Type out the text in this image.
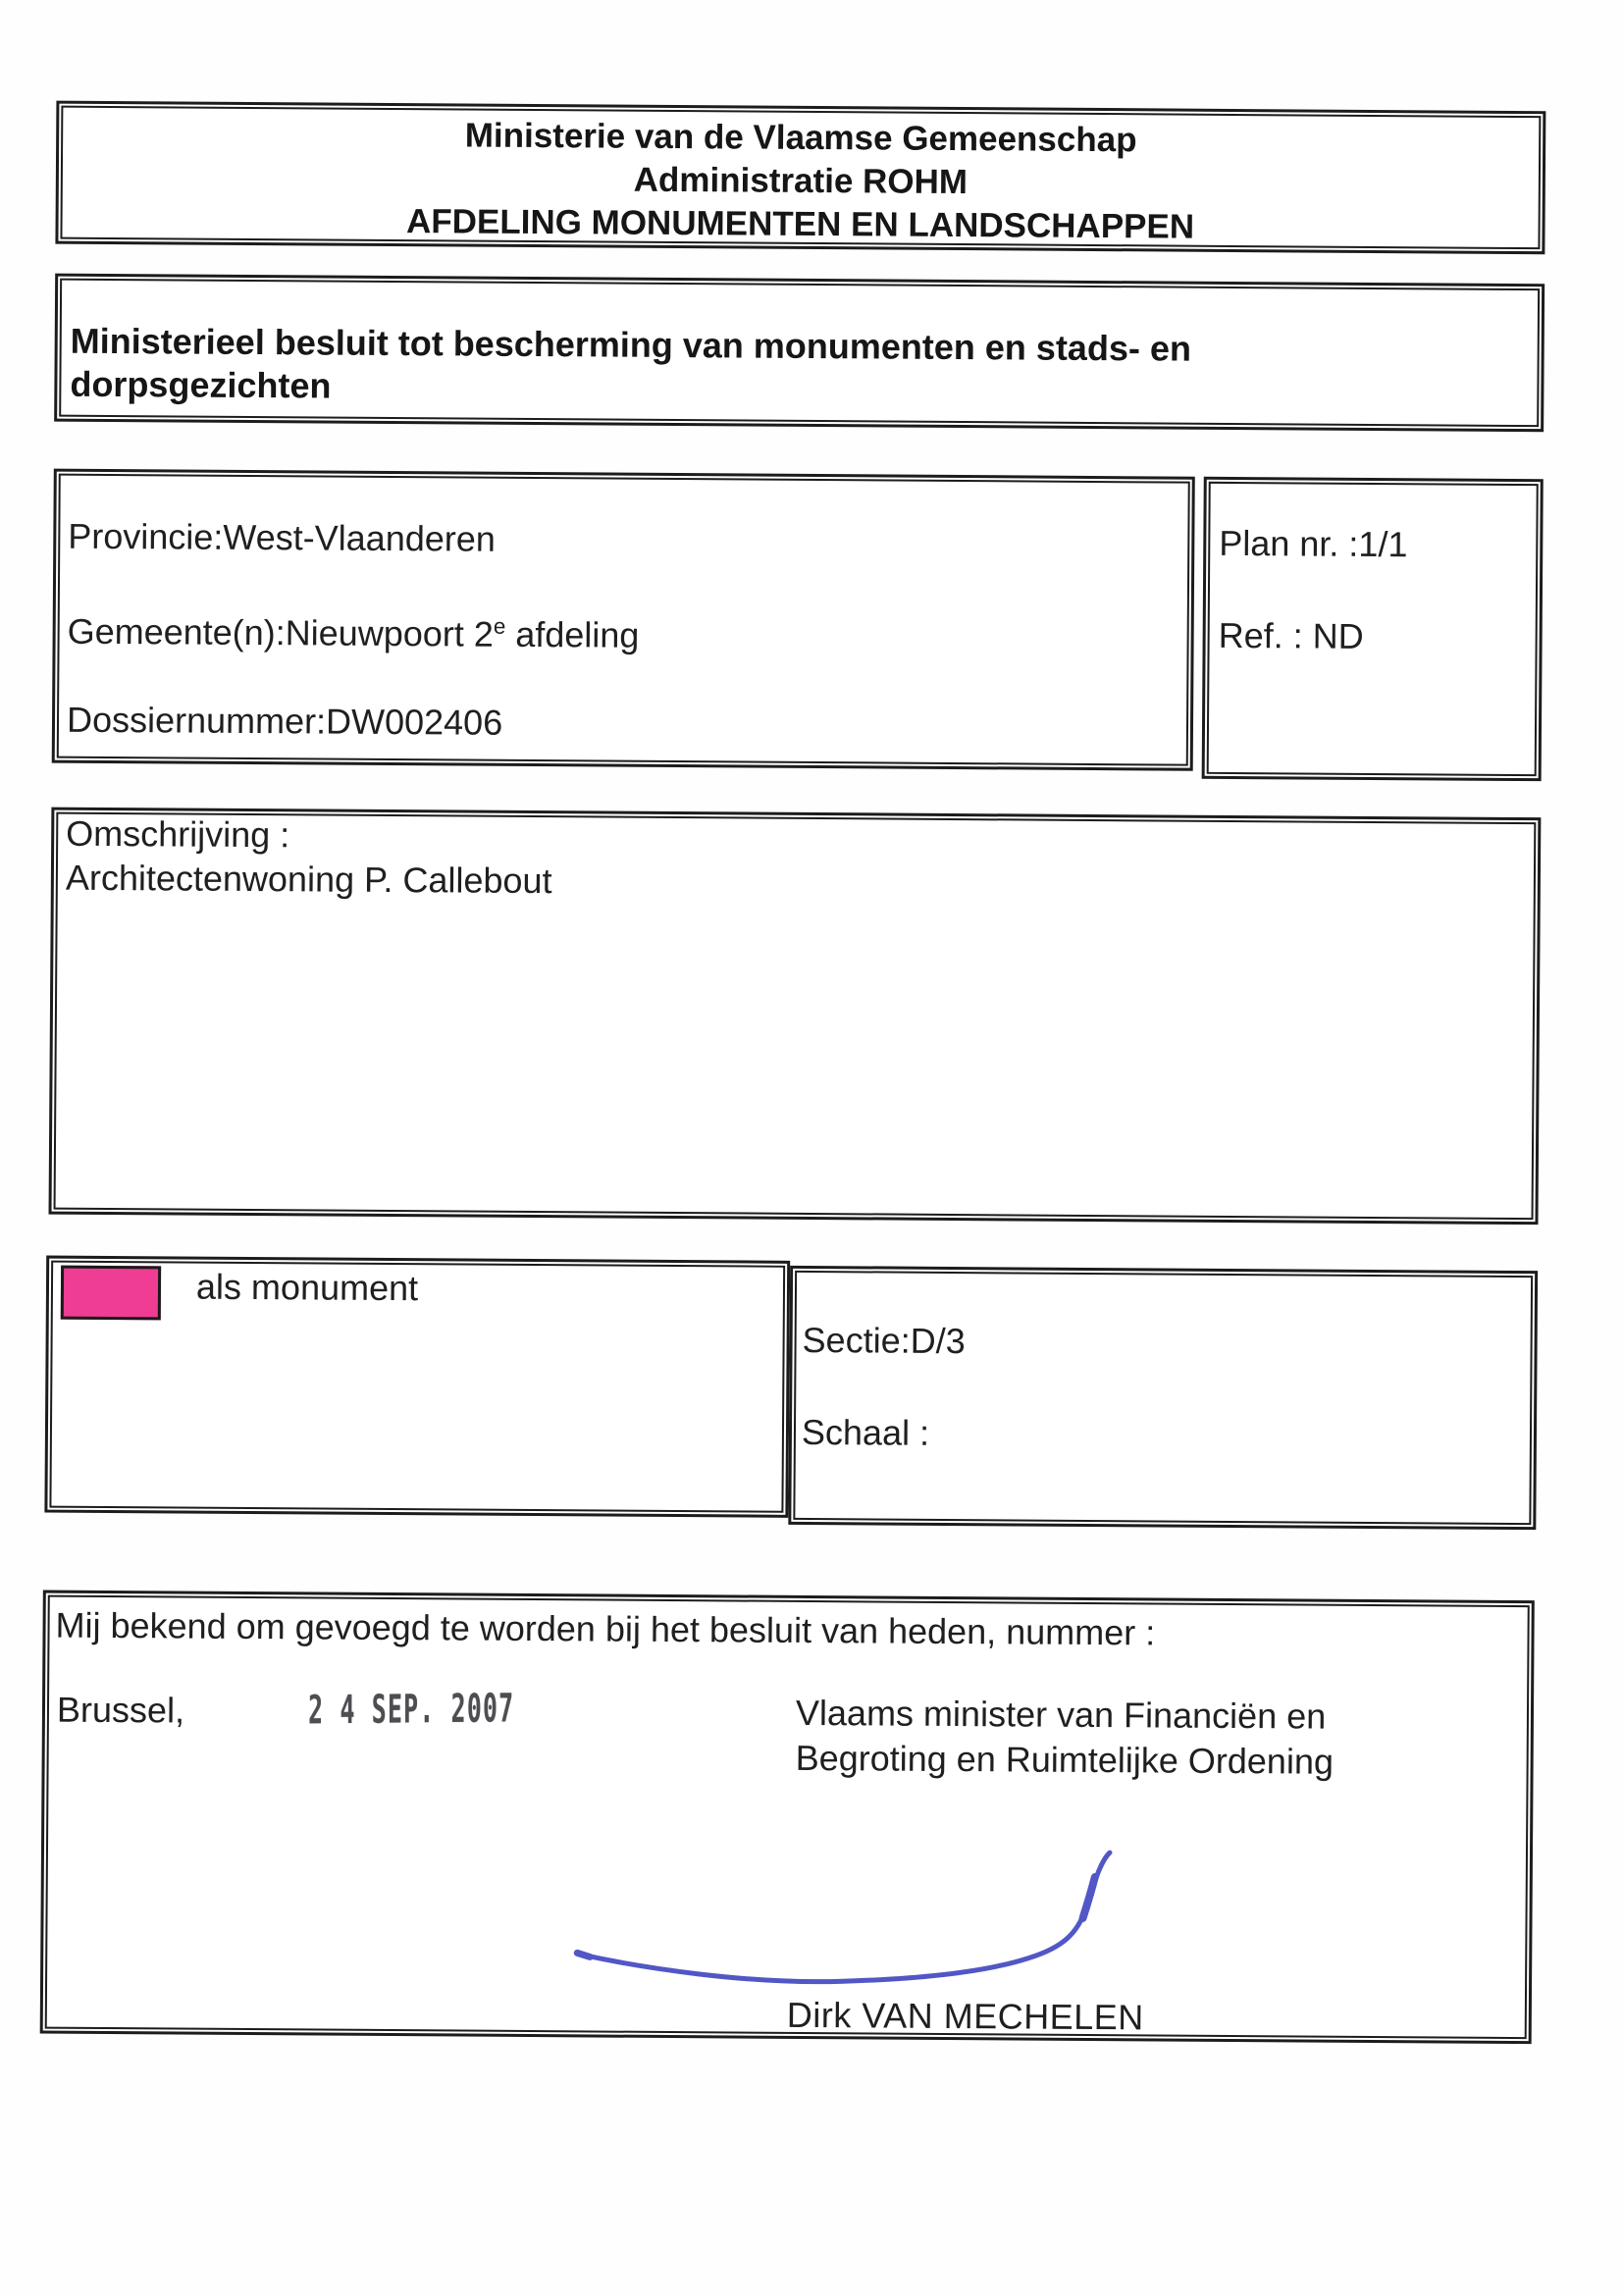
Ministerie van de Vlaamse Gemeenschap
Administratie ROHM
AFDELING MONUMENTEN EN LANDSCHAPPEN
Ministerieel besluit tot bescherming van monumenten en stads- en
dorpsgezichten
Provincie:West-Vlaanderen
Gemeente(n):Nieuwpoort 2e afdeling
Dossiernummer:DW002406
Plan nr. :1/1
Ref. : ND
Omschrijving :
Architectenwoning P. Callebout
als monument
Sectie:D/3
Schaal :
Mij bekend om gevoegd te worden bij het besluit van heden, nummer :
Brussel,	2 4 SEP. 2007	Vlaams minister van Financiën en
Begroting en Ruimtelijke Ordening
Dirk VAN MECHELEN
